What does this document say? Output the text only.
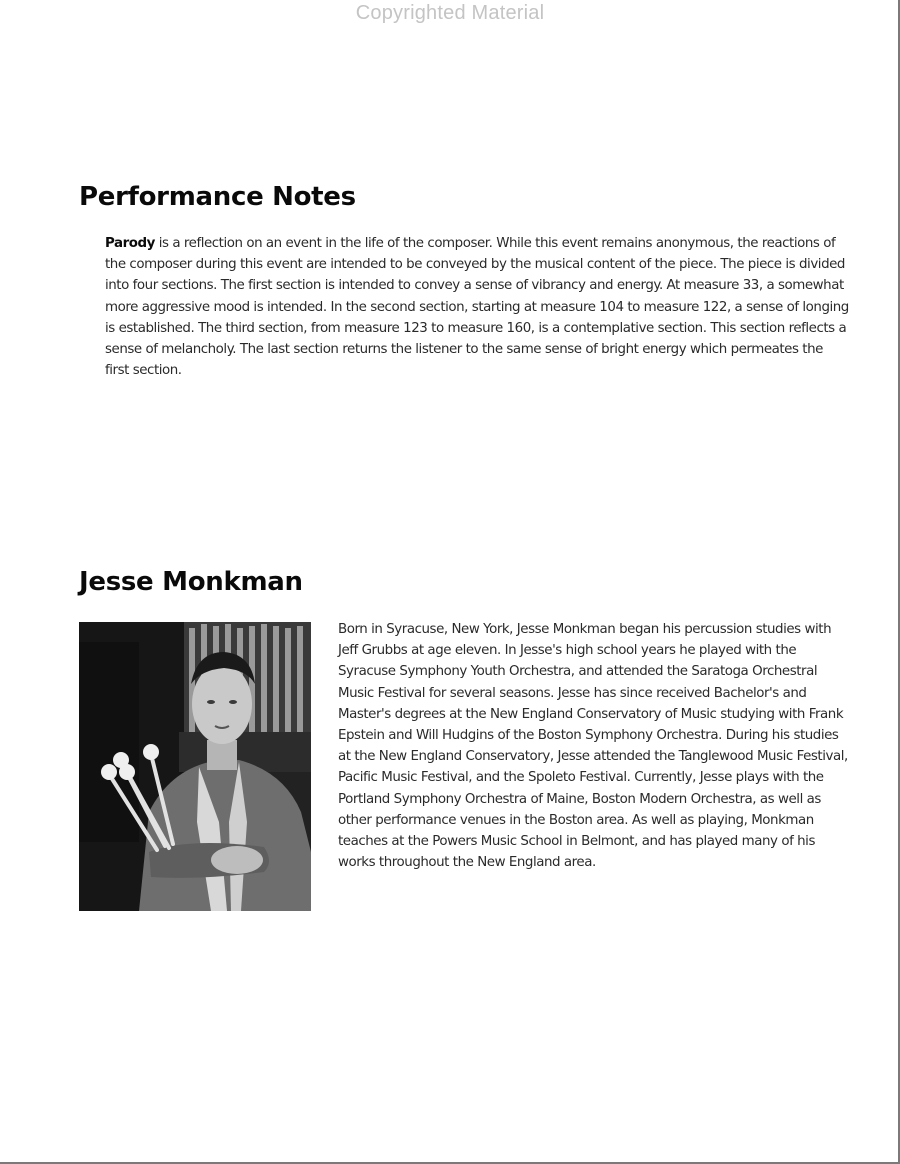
Copyrighted Material
Performance Notes

Parody is a reflection on an event in the life of the composer. While this event remains anonymous, the reactions of the composer during this event are intended to be conveyed by the musical content of the piece. The piece is divided into four sections. The first section is intended to convey a sense of vibrancy and energy. At measure 33, a somewhat more aggressive mood is intended. In the second section, starting at measure 104 to measure 122, a sense of longing is established. The third section, from measure 123 to measure 160, is a contemplative section. This section reflects a sense of melancholy. The last section returns the listener to the same sense of bright energy which permeates the first section.

Jesse Monkman

Born in Syracuse, New York, Jesse Monkman began his percussion studies with Jeff Grubbs at age eleven. In Jesse's high school years he played with the Syracuse Symphony Youth Orchestra, and attended the Saratoga Orchestral Music Festival for several seasons. Jesse has since received Bachelor's and Master's degrees at the New England Conservatory of Music studying with Frank Epstein and Will Hudgins of the Boston Symphony Orchestra. During his studies at the New England Conservatory, Jesse attended the Tanglewood Music Festival, Pacific Music Festival, and the Spoleto Festival. Currently, Jesse plays with the Portland Symphony Orchestra of Maine, Boston Modern Orchestra, as well as other performance venues in the Boston area. As well as playing, Monkman teaches at the Powers Music School in Belmont, and has played many of his works throughout the New England area.
